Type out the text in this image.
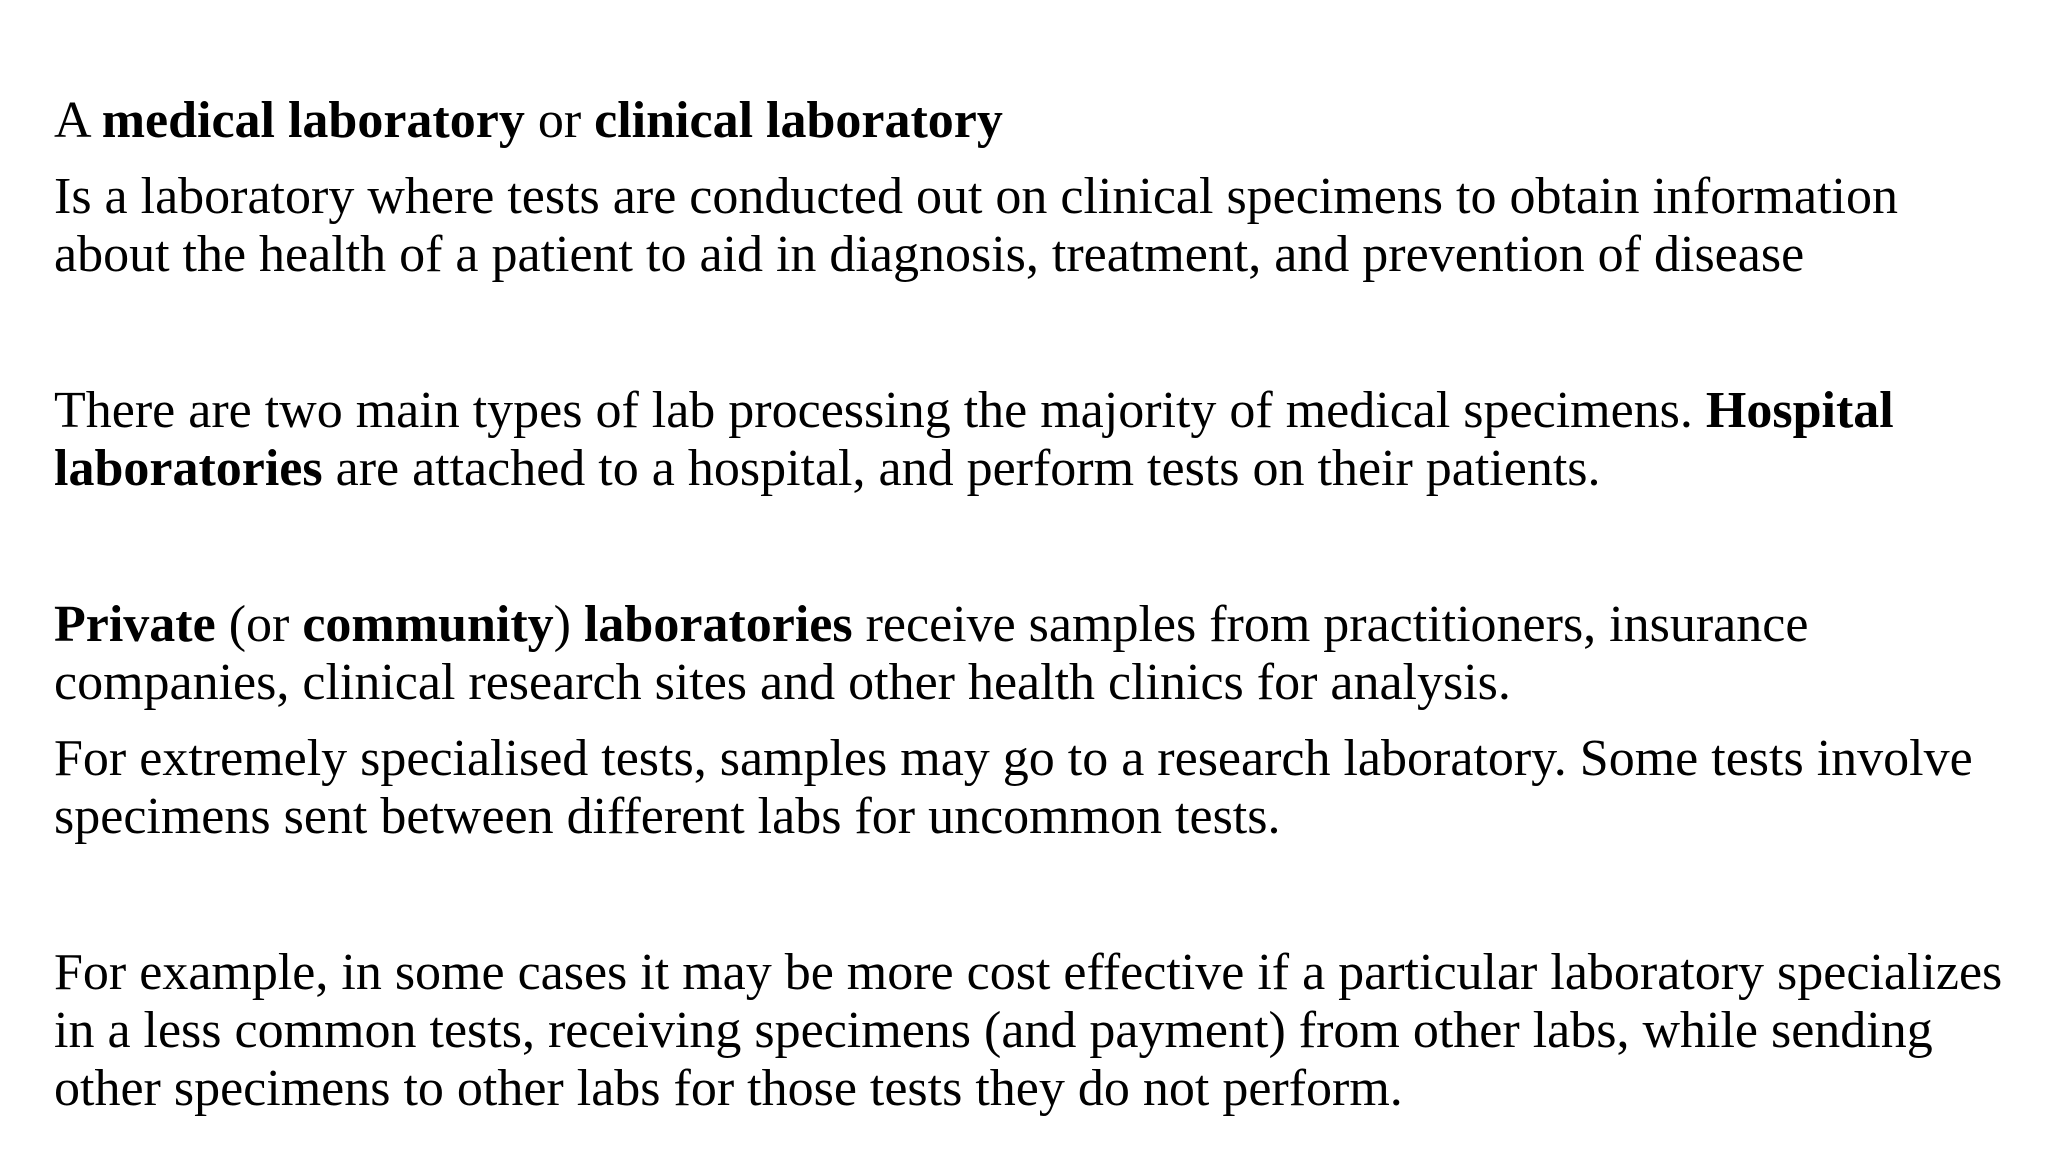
A medical laboratory or clinical laboratory

Is a laboratory where tests are conducted out on clinical specimens to obtain information about the health of a patient to aid in diagnosis, treatment, and prevention of disease

There are two main types of lab processing the majority of medical specimens. Hospital laboratories are attached to a hospital, and perform tests on their patients.

Private (or community) laboratories receive samples from practitioners, insurance companies, clinical research sites and other health clinics for analysis.

For extremely specialised tests, samples may go to a research laboratory. Some tests involve specimens sent between different labs for uncommon tests.

For example, in some cases it may be more cost effective if a particular laboratory specializes in a less common tests, receiving specimens (and payment) from other labs, while sending other specimens to other labs for those tests they do not perform.
